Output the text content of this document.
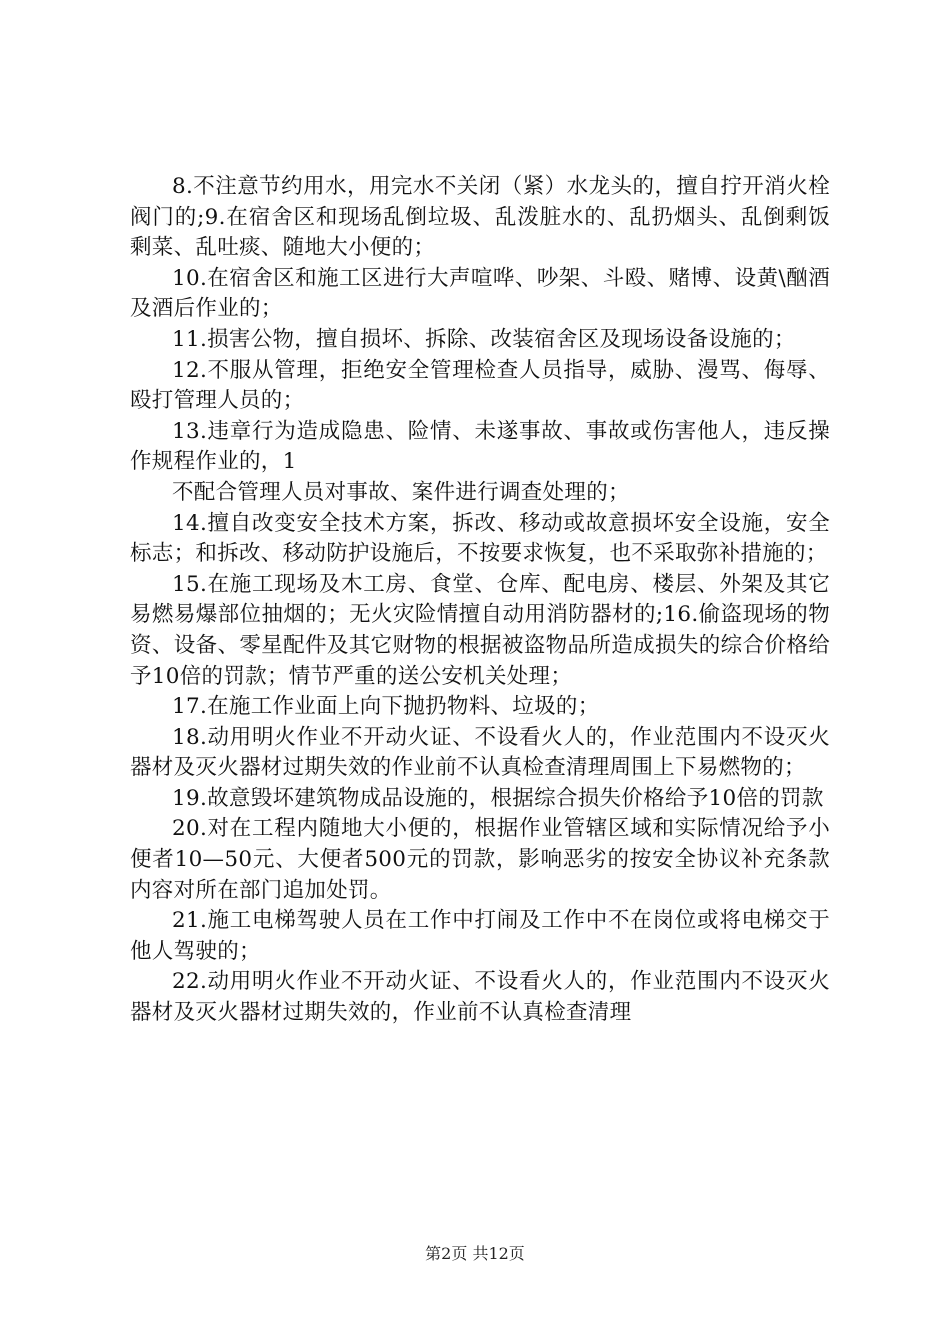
8.不注意节约用水，用完水不关闭（紧）水龙头的，擅自拧开消火栓阀门的;9.在宿舍区和现场乱倒垃圾、乱泼脏水的、乱扔烟头、乱倒剩饭剩菜、乱吐痰、随地大小便的；

10.在宿舍区和施工区进行大声喧哗、吵架、斗殴、赌博、设黄\酗酒及酒后作业的；

11.损害公物，擅自损坏、拆除、改装宿舍区及现场设备设施的；

12.不服从管理，拒绝安全管理检查人员指导，威胁、漫骂、侮辱、殴打管理人员的；

13.违章行为造成隐患、险情、未遂事故、事故或伤害他人，违反操作规程作业的，1

不配合管理人员对事故、案件进行调查处理的；

14.擅自改变安全技术方案，拆改、移动或故意损坏安全设施，安全标志；和拆改、移动防护设施后，不按要求恢复，也不采取弥补措施的；

15.在施工现场及木工房、食堂、仓库、配电房、楼层、外架及其它易燃易爆部位抽烟的；无火灾险情擅自动用消防器材的;16.偷盗现场的物资、设备、零星配件及其它财物的根据被盗物品所造成损失的综合价格给予10倍的罚款；情节严重的送公安机关处理；

17.在施工作业面上向下抛扔物料、垃圾的；

18.动用明火作业不开动火证、不设看火人的，作业范围内不设灭火器材及灭火器材过期失效的作业前不认真检查清理周围上下易燃物的；

19.故意毁坏建筑物成品设施的，根据综合损失价格给予10倍的罚款

20.对在工程内随地大小便的，根据作业管辖区域和实际情况给予小便者10—50元、大便者500元的罚款，影响恶劣的按安全协议补充条款内容对所在部门追加处罚。

21.施工电梯驾驶人员在工作中打闹及工作中不在岗位或将电梯交于他人驾驶的；

22.动用明火作业不开动火证、不设看火人的，作业范围内不设灭火器材及灭火器材过期失效的，作业前不认真检查清理

第2页 共12页
